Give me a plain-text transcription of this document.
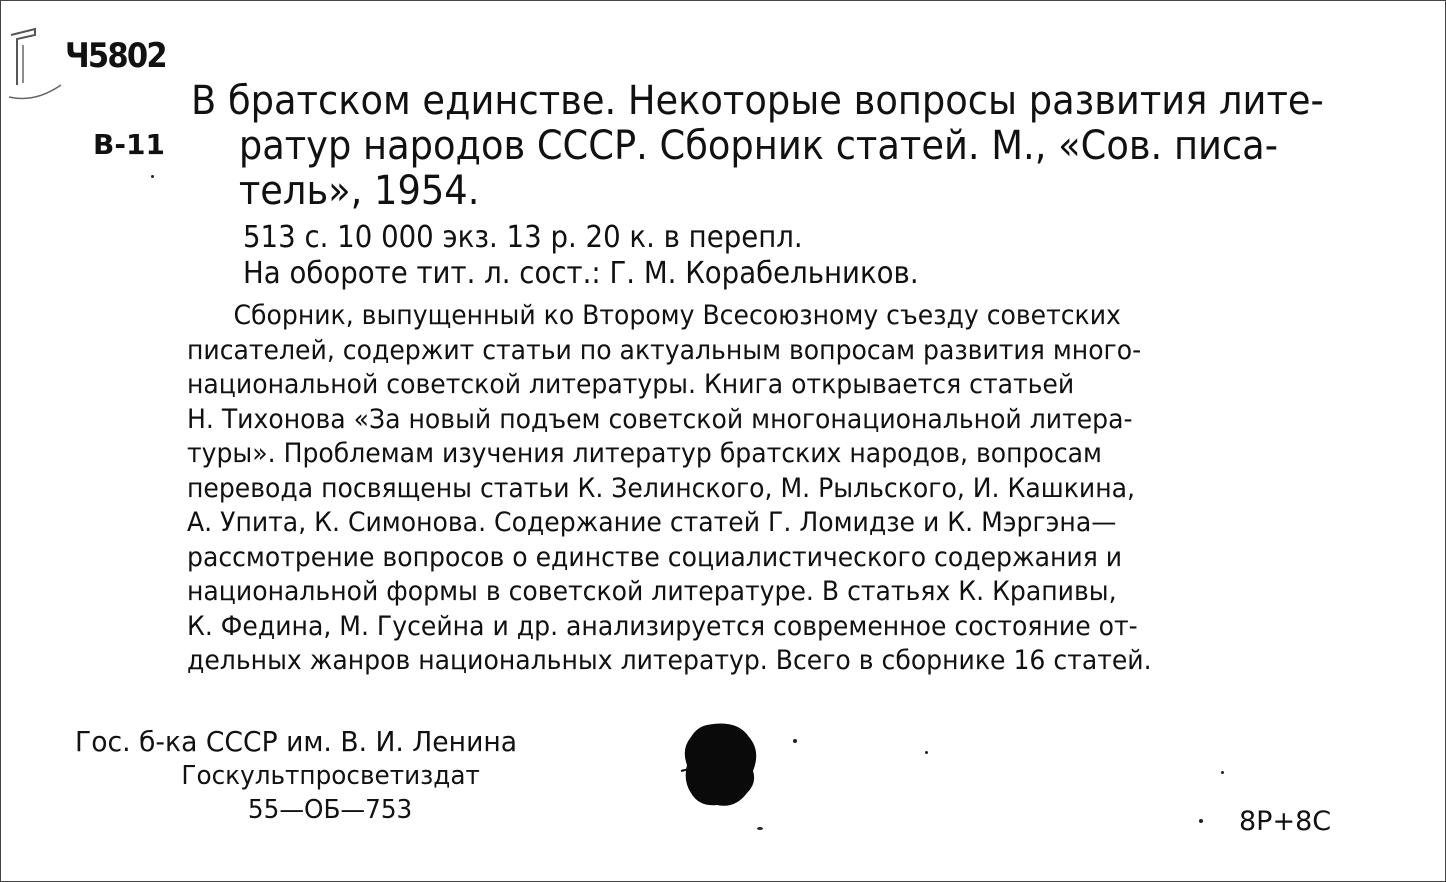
Ч5802
В-11
В братском единстве. Некоторые вопросы развития лите-
ратур народов СССР. Сборник статей. М., «Сов. писа-
тель», 1954.
513 с. 10 000 экз. 13 р. 20 к. в перепл.
На обороте тит. л. сост.: Г. М. Корабельников.
Сборник, выпущенный ко Второму Всесоюзному съезду советских
писателей, содержит статьи по актуальным вопросам развития много-
национальной советской литературы. Книга открывается статьей
Н. Тихонова «За новый подъем советской многонациональной литера-
туры». Проблемам изучения литератур братских народов, вопросам
перевода посвящены статьи К. Зелинского, М. Рыльского, И. Кашкина,
А. Упита, К. Симонова. Содержание статей Г. Ломидзе и К. Мэргэна—
рассмотрение вопросов о единстве социалистического содержания и
национальной формы в советской литературе. В статьях К. Крапивы,
К. Федина, М. Гусейна и др. анализируется современное состояние от-
дельных жанров национальных литератур. Всего в сборнике 16 статей.
Гос. б-ка СССР им. В. И. Ленина
Госкультпросветиздат
55—ОБ—753	8Р+8С
